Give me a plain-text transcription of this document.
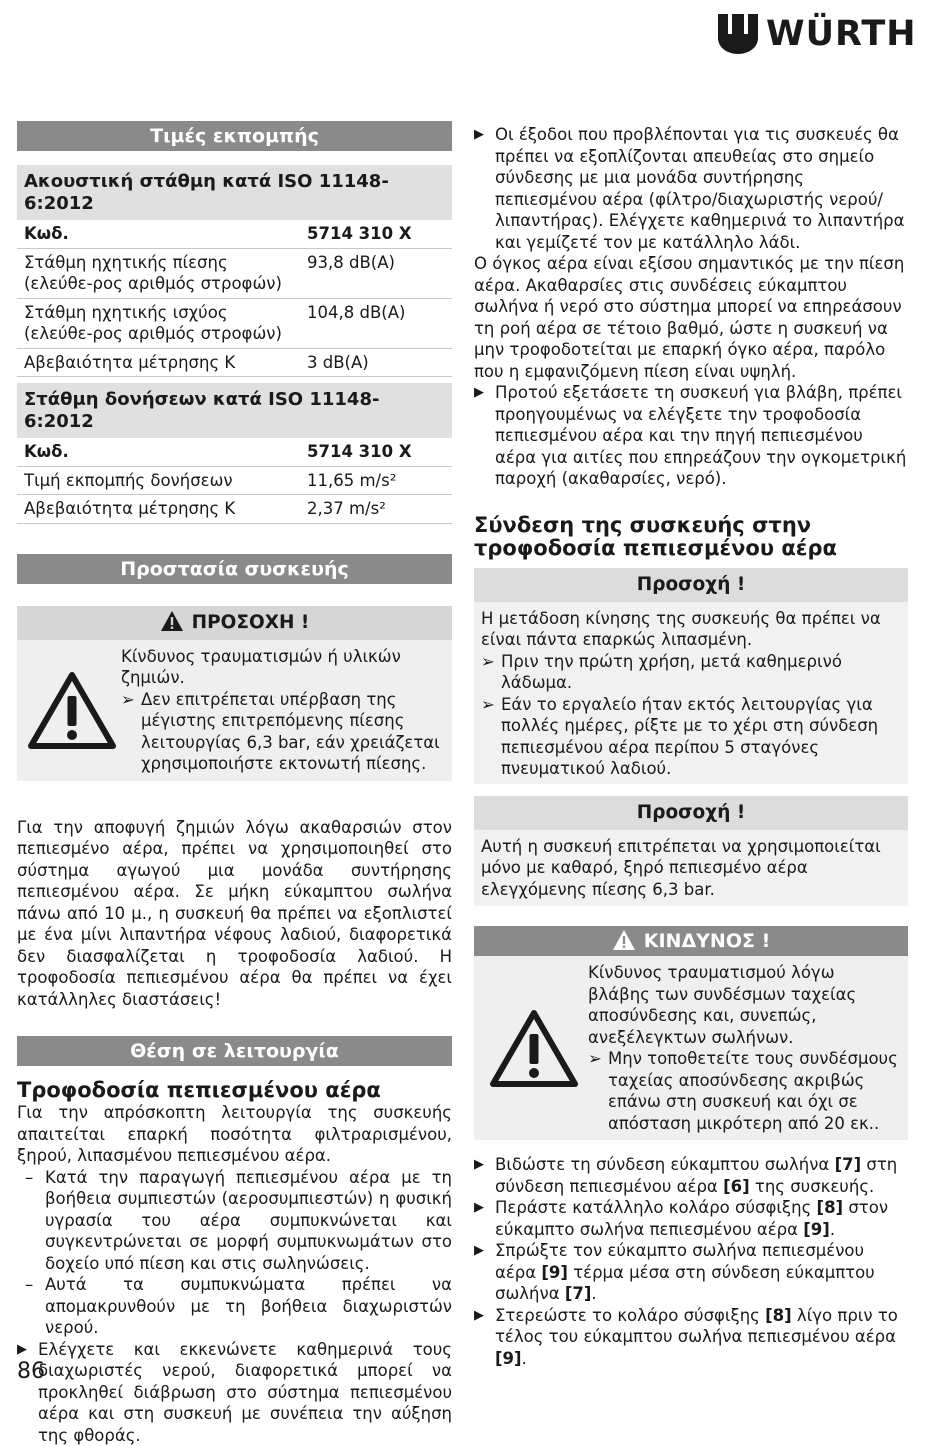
WÜRTH
Τιμές εκπομπής
Ακουστική στάθμη κατά ISO 11148-6:2012	
Κωδ.	5714 310 X
Στάθμη ηχητικής πίεσης (ελεύθε-ρος αριθμός στροφών)	93,8 dB(A)
Στάθμη ηχητικής ισχύος (ελεύθε-ρος αριθμός στροφών)	104,8 dB(A)
Αβεβαιότητα μέτρησης K	3 dB(A)
Στάθμη δονήσεων κατά ISO 11148-6:2012	
Κωδ.	5714 310 X
Τιμή εκπομπής δονήσεων	11,65 m/s²
Αβεβαιότητα μέτρησης K	2,37 m/s²
Προστασία συσκευής
ΠΡΟΣΟΧΗ !
Κίνδυνος τραυματισμών ή υλικών ζημιών.
➢ Δεν επιτρέπεται υπέρβαση της μέγιστης επιτρεπόμενης πίεσης λειτουργίας 6,3 bar, εάν χρειάζεται χρησιμοποιήστε εκτονωτή πίεσης.

Για την αποφυγή ζημιών λόγω ακαθαρσιών στον πεπιεσμένο αέρα, πρέπει να χρησιμοποιηθεί στο σύστημα αγωγού μια μονάδα συντήρησης πεπιεσμένου αέρα. Σε μήκη εύκαμπτου σωλήνα πάνω από 10 μ., η συσκευή θα πρέπει να εξοπλιστεί με ένα μίνι λιπαντήρα νέφους λαδιού, διαφορετικά δεν διασφαλίζεται η τροφοδοσία λαδιού. Η τροφοδοσία πεπιεσμένου αέρα θα πρέπει να έχει κατάλληλες διαστάσεις!

Θέση σε λειτουργία
Τροφοδοσία πεπιεσμένου αέρα

Για την απρόσκοπτη λειτουργία της συσκευής απαιτείται επαρκή ποσότητα φιλτραρισμένου, ξηρού, λιπασμένου πεπιεσμένου αέρα.

– Κατά την παραγωγή πεπιεσμένου αέρα με τη βοήθεια συμπιεστών (αεροσυμπιεστών) η φυσική υγρασία του αέρα συμπυκνώνεται και συγκεντρώνεται σε μορφή συμπυκνωμάτων στο δοχείο υπό πίεση και στις σωληνώσεις.

– Αυτά τα συμπυκνώματα πρέπει να απομακρυνθούν με τη βοήθεια διαχωριστών νερού.

▶ Ελέγχετε και εκκενώνετε καθημερινά τους διαχωριστές νερού, διαφορετικά μπορεί να προκληθεί διάβρωση στο σύστημα πεπιεσμένου αέρα και στη συσκευή με συνέπεια την αύξηση της φθοράς.

▶ Οι έξοδοι που προβλέπονται για τις συσκευές θα πρέπει να εξοπλίζονται απευθείας στο σημείο σύνδεσης με μια μονάδα συντήρησης πεπιεσμένου αέρα (φίλτρο/διαχωριστής νερού/λιπαντήρας). Ελέγχετε καθημερινά το λιπαντήρα και γεμίζετέ τον με κατάλληλο λάδι.
Ο όγκος αέρα είναι εξίσου σημαντικός με την πίεση αέρα. Ακαθαρσίες στις συνδέσεις εύκαμπτου σωλήνα ή νερό στο σύστημα μπορεί να επηρεάσουν τη ροή αέρα σε τέτοιο βαθμό, ώστε η συσκευή να μην τροφοδοτείται με επαρκή όγκο αέρα, παρόλο που η εμφανιζόμενη πίεση είναι υψηλή.
▶ Προτού εξετάσετε τη συσκευή για βλάβη, πρέπει προηγουμένως να ελέγξετε την τροφοδοσία πεπιεσμένου αέρα και την πηγή πεπιεσμένου αέρα για αιτίες που επηρεάζουν την ογκομετρική παροχή (ακαθαρσίες, νερό).
Σύνδεση της συσκευής στην τροφοδοσία πεπιεσμένου αέρα
Προσοχή !
Η μετάδοση κίνησης της συσκευής θα πρέπει να είναι πάντα επαρκώς λιπασμένη.
➢ Πριν την πρώτη χρήση, μετά καθημερινό λάδωμα.
➢ Εάν το εργαλείο ήταν εκτός λειτουργίας για πολλές ημέρες, ρίξτε με το χέρι στη σύνδεση πεπιεσμένου αέρα περίπου 5 σταγόνες πνευματικού λαδιού.
Προσοχή !
Αυτή η συσκευή επιτρέπεται να χρησιμοποιείται μόνο με καθαρό, ξηρό πεπιεσμένο αέρα ελεγχόμενης πίεσης 6,3 bar.
ΚΙΝΔΥΝΟΣ !
Κίνδυνος τραυματισμού λόγω βλάβης των συνδέσμων ταχείας αποσύνδεσης και, συνεπώς, ανεξέλεγκτων σωλήνων.
➢ Μην τοποθετείτε τους συνδέσμους ταχείας αποσύνδεσης ακριβώς επάνω στη συσκευή και όχι σε απόσταση μικρότερη από 20 εκ..
▶ Βιδώστε τη σύνδεση εύκαμπτου σωλήνα [7] στη σύνδεση πεπιεσμένου αέρα [6] της συσκευής.
▶ Περάστε κατάλληλο κολάρο σύσφιξης [8] στον εύκαμπτο σωλήνα πεπιεσμένου αέρα [9].
▶ Σπρώξτε τον εύκαμπτο σωλήνα πεπιεσμένου αέρα [9] τέρμα μέσα στη σύνδεση εύκαμπτου σωλήνα [7].
▶ Στερεώστε το κολάρο σύσφιξης [8] λίγο πριν το τέλος του εύκαμπτου σωλήνα πεπιεσμένου αέρα [9].
86
